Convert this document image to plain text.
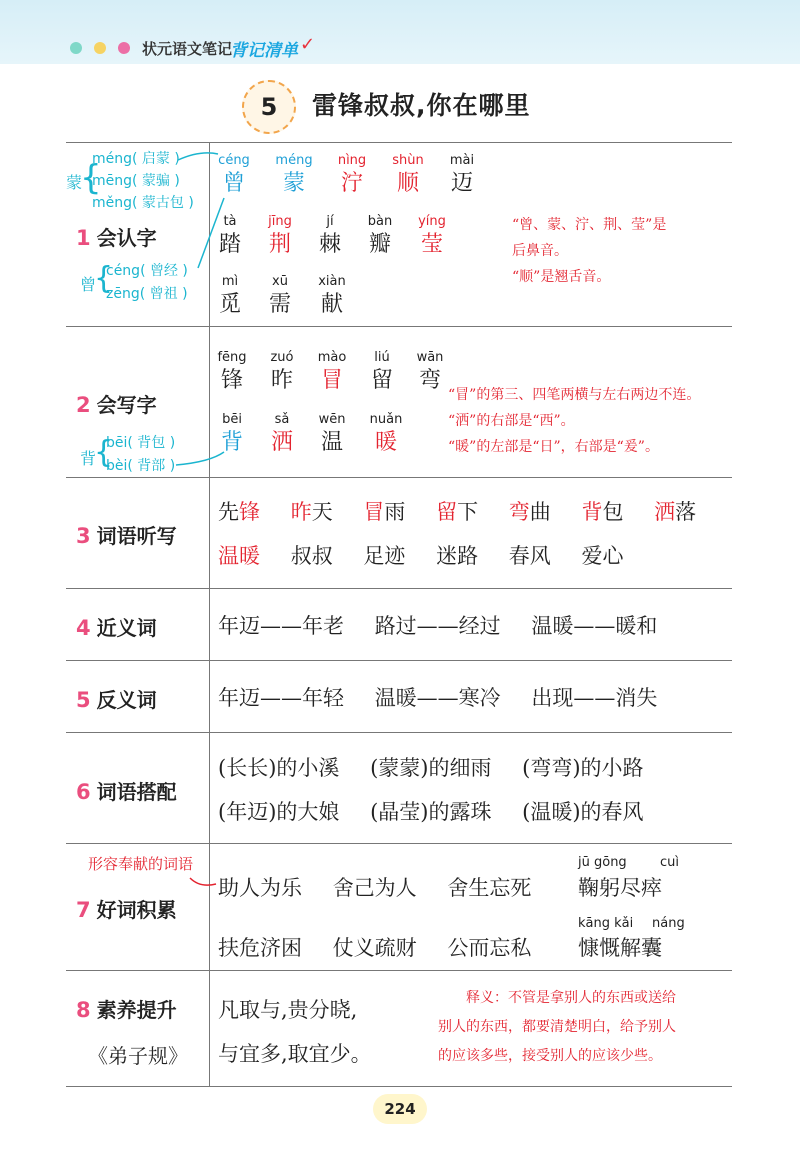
状元语文笔记
背记清单 ✓
5	雷锋叔叔,你在哪里
1 会认字
2 会写字
3 词语听写
4 近义词
5 反义词
6 词语搭配
7 好词积累
8 素养提升
《弟子规》
蒙
{
méng( 启蒙 )
mēng( 蒙骗 )
měng( 蒙古包 )
曾
{
céng( 曾经 )
zēng( 曾祖 )
背
{
bēi( 背包 )
bèi( 背部 )
céng
曾
méng
蒙
nìng
泞
shùn
顺
mài
迈
tà
踏
jīng
荆
jí
棘
bàn
瓣
yíng
莹
mì
觅
xū
需
xiàn
献
“曾、蒙、泞、荆、莹”是
后鼻音。
“顺”是翘舌音。
fēng
锋
zuó
昨
mào
冒
liú
留
wān
弯
bēi
背
sǎ
洒
wēn
温
nuǎn
暖
“冒”的第三、四笔两横与左右两边不连。
“洒”的右部是“西”。
“暖”的左部是“日”，右部是“爰”。
先锋 昨天 冒雨 留下 弯曲 背包 洒落
温暖 叔叔 足迹 迷路 春风 爱心
年迈——年老 路过——经过 温暖——暖和
年迈——年轻 温暖——寒冷 出现——消失
(长长)的小溪 (蒙蒙)的细雨 (弯弯)的小路
(年迈)的大娘 (晶莹)的露珠 (温暖)的春风
形容奉献的词语
助人为乐 舍己为人 舍生忘死
jū gōng	cuì
鞠躬尽瘁
扶危济困 仗义疏财 公而忘私
kāng kǎi náng
慷慨解囊
凡取与,贵分晓,
与宜多,取宜少。
释义：不管是拿别人的东西或送给
别人的东西，都要清楚明白，给予别人
的应该多些，接受别人的应该少些。
224
